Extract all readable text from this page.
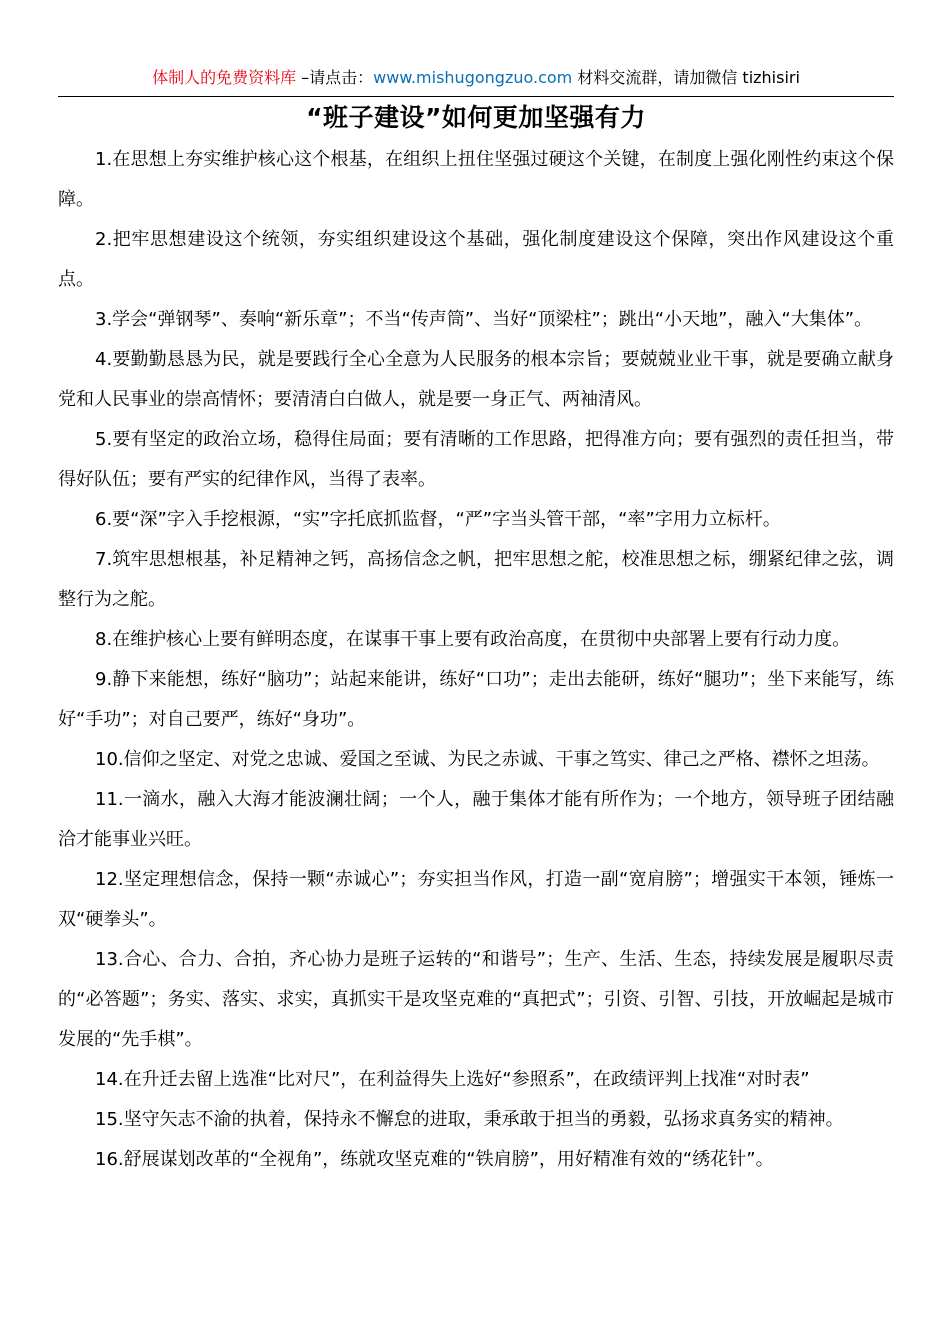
体制人的免费资料库 –请点击：www.mishugongzuo.com 材料交流群，请加微信 tizhisiri
“班子建设”如何更加坚强有力

1.在思想上夯实维护核心这个根基，在组织上扭住坚强过硬这个关键，在制度上强化刚性约束这个保障。

2.把牢思想建设这个统领，夯实组织建设这个基础，强化制度建设这个保障，突出作风建设这个重点。

3.学会“弹钢琴”、奏响“新乐章”；不当“传声筒”、当好“顶梁柱”；跳出“小天地”，融入“大集体”。

4.要勤勤恳恳为民，就是要践行全心全意为人民服务的根本宗旨；要兢兢业业干事，就是要确立献身党和人民事业的崇高情怀；要清清白白做人，就是要一身正气、两袖清风。

5.要有坚定的政治立场，稳得住局面；要有清晰的工作思路，把得准方向；要有强烈的责任担当，带得好队伍；要有严实的纪律作风，当得了表率。

6.要“深”字入手挖根源，“实”字托底抓监督，“严”字当头管干部，“率”字用力立标杆。

7.筑牢思想根基，补足精神之钙，高扬信念之帆，把牢思想之舵，校准思想之标，绷紧纪律之弦，调整行为之舵。

8.在维护核心上要有鲜明态度，在谋事干事上要有政治高度，在贯彻中央部署上要有行动力度。

9.静下来能想，练好“脑功”；站起来能讲，练好“口功”；走出去能研，练好“腿功”；坐下来能写，练好“手功”；对自己要严，练好“身功”。

10.信仰之坚定、对党之忠诚、爱国之至诚、为民之赤诚、干事之笃实、律己之严格、襟怀之坦荡。

11.一滴水，融入大海才能波澜壮阔；一个人，融于集体才能有所作为；一个地方，领导班子团结融洽才能事业兴旺。

12.坚定理想信念，保持一颗“赤诚心”；夯实担当作风，打造一副“宽肩膀”；增强实干本领，锤炼一双“硬拳头”。

13.合心、合力、合拍，齐心协力是班子运转的“和谐号”；生产、生活、生态，持续发展是履职尽责的“必答题”；务实、落实、求实，真抓实干是攻坚克难的“真把式”；引资、引智、引技，开放崛起是城市发展的“先手棋”。

14.在升迁去留上选准“比对尺”，在利益得失上选好“参照系”，在政绩评判上找准“对时表”

15.坚守矢志不渝的执着，保持永不懈怠的进取，秉承敢于担当的勇毅，弘扬求真务实的精神。

16.舒展谋划改革的“全视角”，练就攻坚克难的“铁肩膀”，用好精准有效的“绣花针”。
